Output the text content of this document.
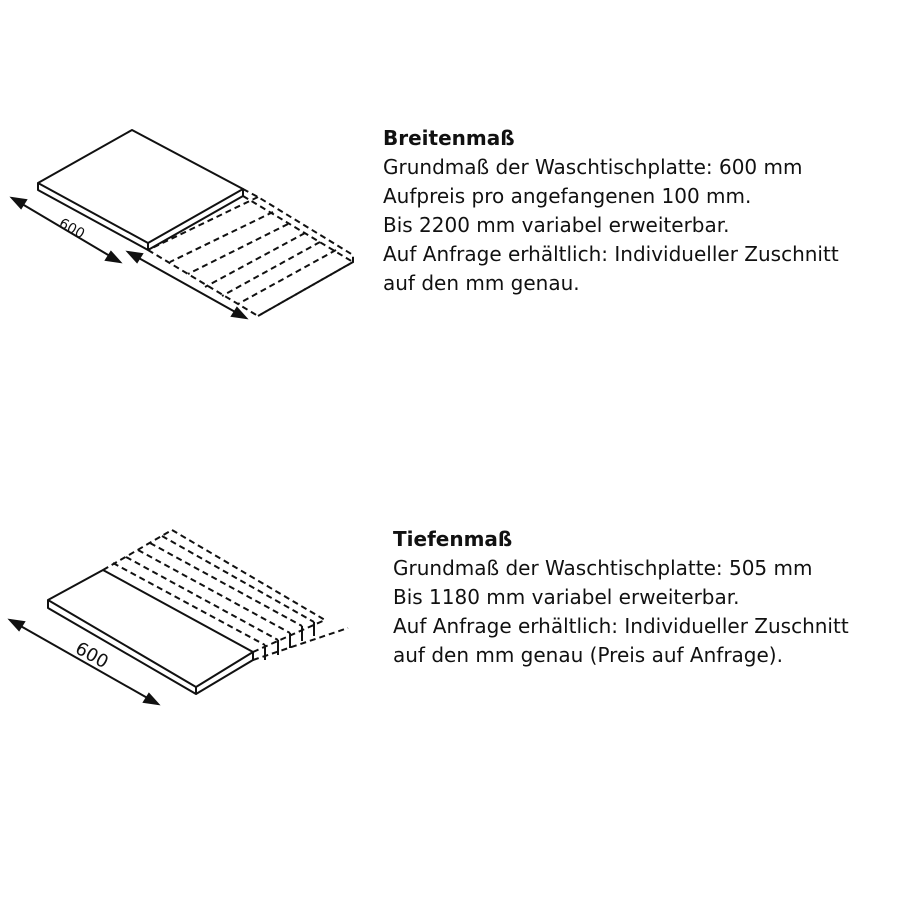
600

Breitenmaß

Grundmaß der Waschtischplatte: 600 mm

Aufpreis pro angefangenen 100 mm.

Bis 2200 mm variabel erweiterbar.

Auf Anfrage erhältlich: Individueller Zuschnitt

auf den mm genau.

600

Tiefenmaß

Grundmaß der Waschtischplatte: 505 mm

Bis 1180 mm variabel erweiterbar.

Auf Anfrage erhältlich: Individueller Zuschnitt

auf den mm genau (Preis auf Anfrage).
